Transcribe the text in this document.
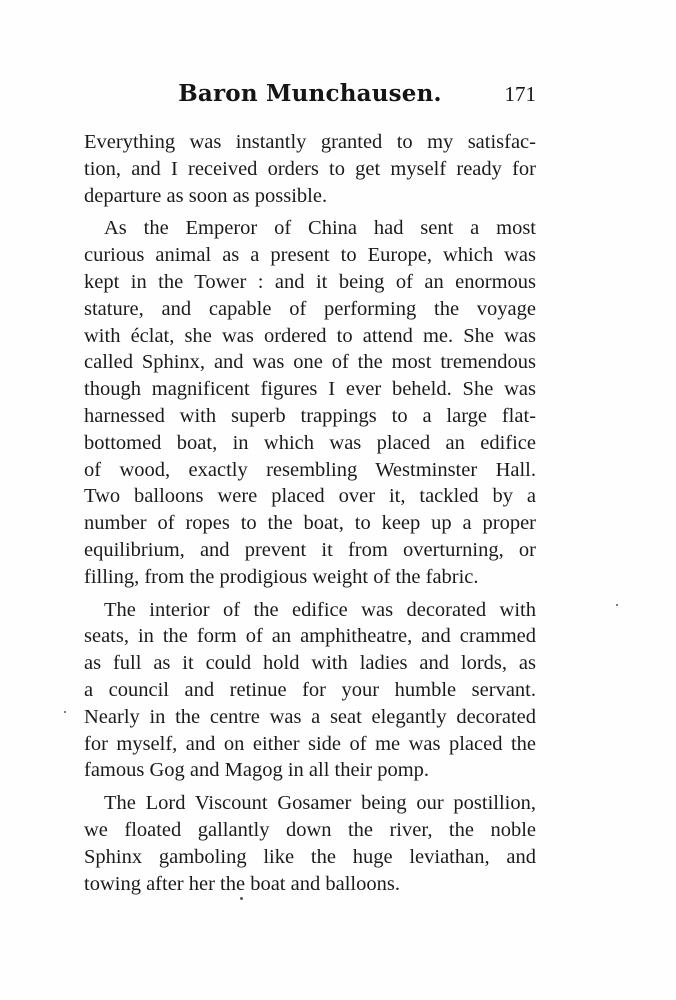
Baron Munchausen.	171

Everything was instantly granted to my satisfac-
tion, and I received orders to get myself ready for
departure as soon as possible.

As the Emperor of China had sent a most
curious animal as a present to Europe, which was
kept in the Tower : and it being of an enormous
stature, and capable of performing the voyage
with éclat, she was ordered to attend me. She was
called Sphinx, and was one of the most tremendous
though magnificent figures I ever beheld. She was
harnessed with superb trappings to a large flat-
bottomed boat, in which was placed an edifice
of wood, exactly resembling Westminster Hall.
Two balloons were placed over it, tackled by a
number of ropes to the boat, to keep up a proper
equilibrium, and prevent it from overturning, or
filling, from the prodigious weight of the fabric.

The interior of the edifice was decorated with
seats, in the form of an amphitheatre, and crammed
as full as it could hold with ladies and lords, as
a council and retinue for your humble servant.
Nearly in the centre was a seat elegantly decorated
for myself, and on either side of me was placed the
famous Gog and Magog in all their pomp.

The Lord Viscount Gosamer being our postillion,
we floated gallantly down the river, the noble
Sphinx gamboling like the huge leviathan, and
towing after her the boat and balloons.
